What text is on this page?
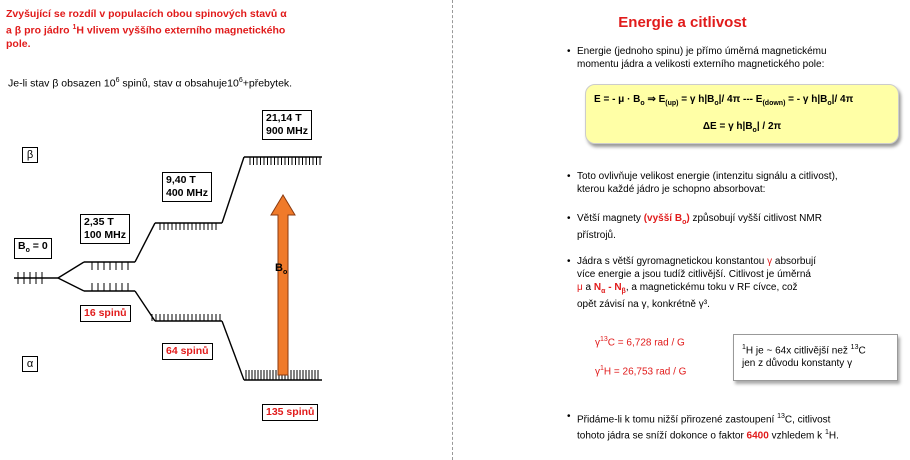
Zvyšující se rozdíl v populacích obou spinových stavů α
a β pro jádro $^1$H vlivem vyššího externího magnetického
pole.
Je-li stav β obsazen $10^6$ spinů, stav α $obsahuje10^6+přebytek$.
β
α
$B_o = 0$
2,35 T
100 MHz
9,40 T
400 MHz
21,14 T
900 MHz
16 spinů
64 spinů
135 spinů
$B_o$
Energie a citlivost
• Energie (jednoho spinu) je přímo úměrná magnetickému
momentu jádra a velikosti externího magnetického pole:
E = - $\mu \cdot B_o$ ⇒ $E_{(up)} = \gamma$ $h|B_o|/$ 4π --- $E_{(down)}$ = - γ $h|B_o|/$ 4π
ΔE = γ $h|B_o| / 2\pi$
• Toto ovlivňuje velikost energie (intenzitu signálu a citlivost),
kterou každé jádro je schopno absorbovat:
• Větší magnety (vyšší $B_o$) způsobují vyšší citlivost NMR
přístrojů.
• Jádra s větší gyromagnetickou konstantou γ absorbují
více energie a jsou tudíž citlivější. Citlivost je úměrná
μ a $N_\alpha - N_\beta$, a magnetickému toku v RF cívce, což
opět závisí na γ, konkrétně γ³.
$\gamma^{13}C = 6,728$ rad / G
$\gamma^1H = 26,753$ rad / G
$^1$H je ~ 64x citlivější než $^{13}$C
jen z důvodu konstanty γ
• Přidáme-li k tomu nižší přirozené zastoupení $^{13}$C, citlivost
tohoto jádra se sníží dokonce o faktor 6400 vzhledem k $^1$H.
